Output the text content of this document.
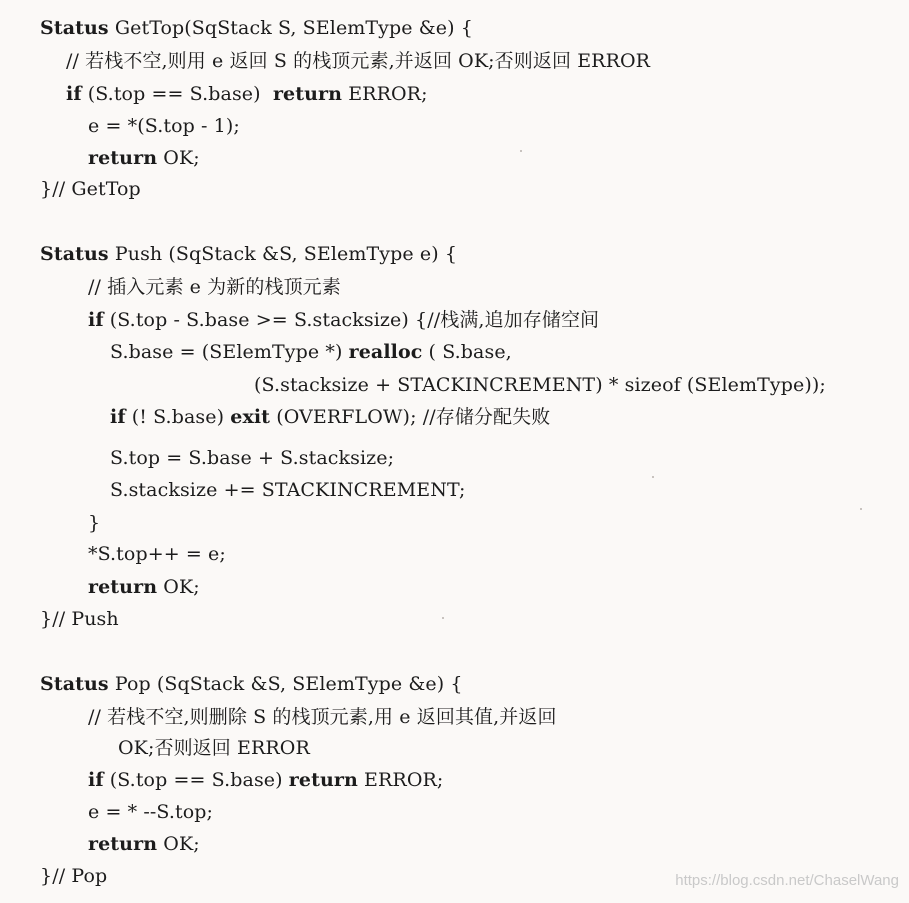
Status GetTop(SqStack S, SElemType &e) {
// 若栈不空,则用 e 返回 S 的栈顶元素,并返回 OK;否则返回 ERROR
if (S.top == S.base)  return ERROR;
e = *(S.top - 1);
return OK;
}// GetTop
Status Push (SqStack &S, SElemType e) {
// 插入元素 e 为新的栈顶元素
if (S.top - S.base >= S.stacksize) {//栈满,追加存储空间
S.base = (SElemType *) realloc ( S.base,
(S.stacksize + STACKINCREMENT) * sizeof (SElemType));
if (! S.base) exit (OVERFLOW); //存储分配失败
S.top = S.base + S.stacksize;
S.stacksize += STACKINCREMENT;
}
*S.top++ = e;
return OK;
}// Push
Status Pop (SqStack &S, SElemType &e) {
// 若栈不空,则删除 S 的栈顶元素,用 e 返回其值,并返回
OK;否则返回 ERROR
if (S.top == S.base) return ERROR;
e = * --S.top;
return OK;
}// Pop	https://blog.csdn.net/ChaselWang
